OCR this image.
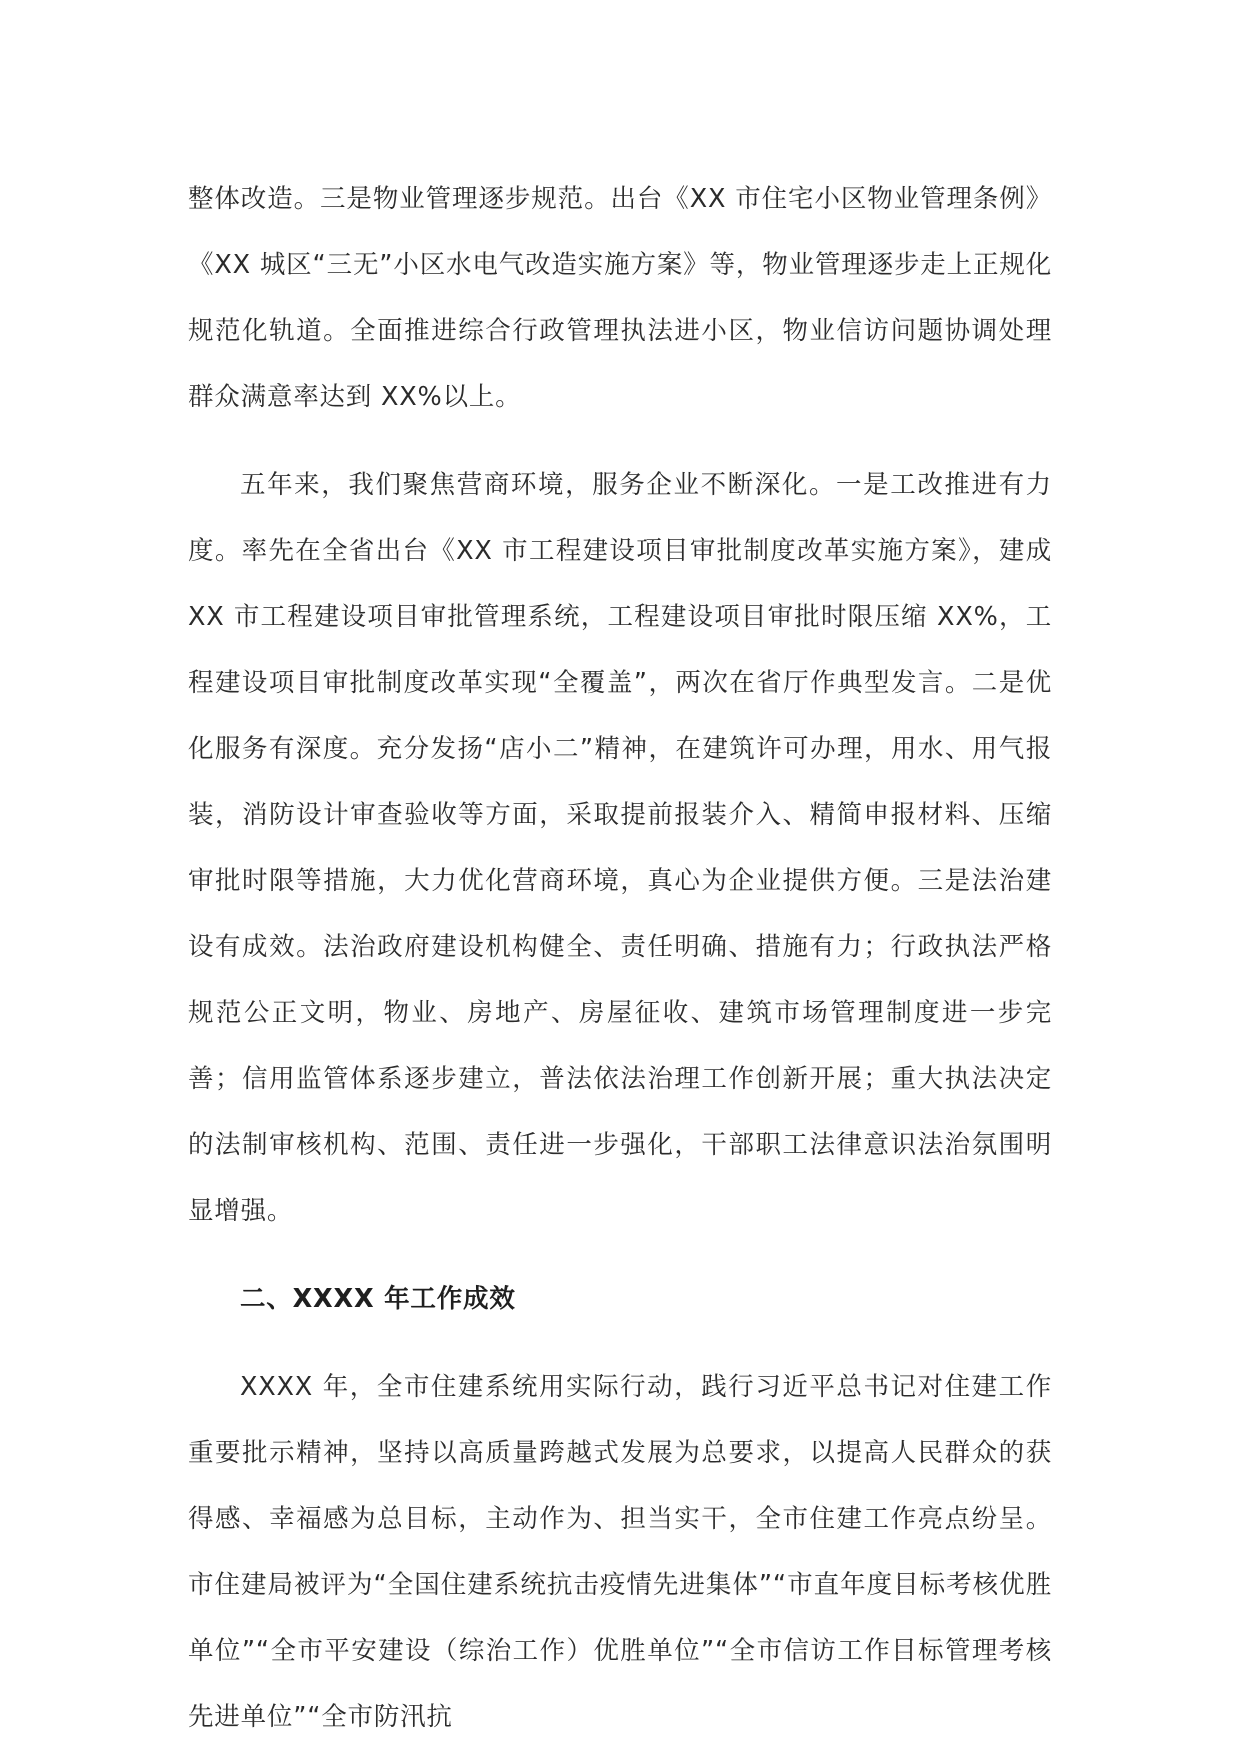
整体改造。三是物业管理逐步规范。出台《XX 市住宅小区物业管理条例》《XX 城区“三无”小区水电气改造实施方案》等，物业管理逐步走上正规化规范化轨道。全面推进综合行政管理执法进小区，物业信访问题协调处理群众满意率达到 XX%以上。

五年来，我们聚焦营商环境，服务企业不断深化。一是工改推进有力度。率先在全省出台《XX 市工程建设项目审批制度改革实施方案》，建成 XX 市工程建设项目审批管理系统，工程建设项目审批时限压缩 XX%，工程建设项目审批制度改革实现“全覆盖”，两次在省厅作典型发言。二是优化服务有深度。充分发扬“店小二”精神，在建筑许可办理，用水、用气报装，消防设计审查验收等方面，采取提前报装介入、精简申报材料、压缩审批时限等措施，大力优化营商环境，真心为企业提供方便。三是法治建设有成效。法治政府建设机构健全、责任明确、措施有力；行政执法严格规范公正文明，物业、房地产、房屋征收、建筑市场管理制度进一步完善；信用监管体系逐步建立，普法依法治理工作创新开展；重大执法决定的法制审核机构、范围、责任进一步强化，干部职工法律意识法治氛围明显增强。

二、XXXX 年工作成效

XXXX 年，全市住建系统用实际行动，践行习近平总书记对住建工作重要批示精神，坚持以高质量跨越式发展为总要求，以提高人民群众的获得感、幸福感为总目标，主动作为、担当实干，全市住建工作亮点纷呈。市住建局被评为“全国住建系统抗击疫情先进集体”“市直年度目标考核优胜单位”“全市平安建设（综治工作）优胜单位”“全市信访工作目标管理考核先进单位”“全市防汛抗
